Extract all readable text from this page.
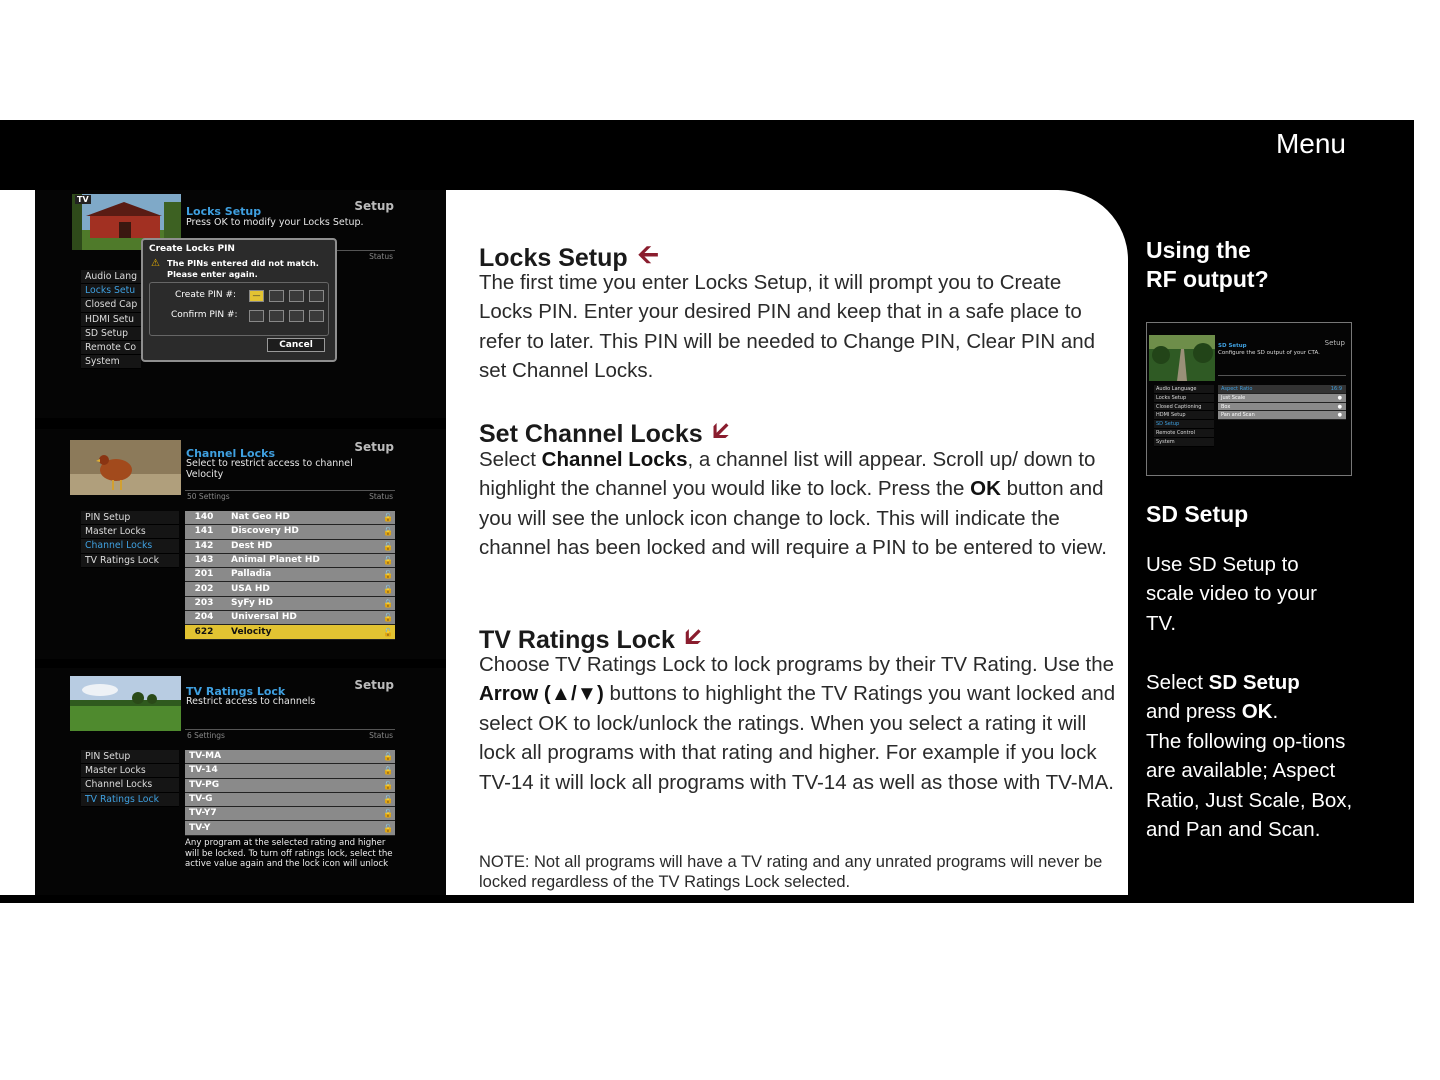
Menu
TV
Locks Setup
Press OK to modify your Locks Setup.
Setup
Status
Audio Lang
Locks Setu
Closed Cap
HDMI Setu
SD Setup
Remote Co
System
Create Locks PIN
⚠ The PINs entered did not match. Please enter again.
Create PIN #:
Confirm PIN #:
—
Cancel
Channel Locks
Select to restrict access to channel Velocity
Setup
50 Settings	Status
PIN Setup
Master Locks
Channel Locks
TV Ratings Lock
140	Nat Geo HD	🔓
141	Discovery HD	🔓
142	Dest HD	🔓
143	Animal Planet HD	🔓
201	Palladia	🔓
202	USA HD	🔓
203	SyFy HD	🔒
204	Universal HD	🔓
622	Velocity	🔓
TV Ratings Lock
Restrict access to channels
Setup
6 Settings	Status
PIN Setup
Master Locks
Channel Locks
TV Ratings Lock
TV-MA	🔒
TV-14	🔒
TV-PG	🔓
TV-G	🔓
TV-Y7	🔓
TV-Y	🔓
Any program at the selected rating and higher will be locked. To turn off ratings lock, select the active value again and the lock icon will unlock
Locks Setup 🡨
The first time you enter Locks Setup, it will prompt you to Create Locks PIN. Enter your desired PIN and keep that in a safe place to refer to later. This PIN will be needed to Change PIN, Clear PIN and set Channel Locks.
Set Channel Locks 🡯
Select Channel Locks, a channel list will appear. Scroll up/ down to highlight the channel you would like to lock. Press the OK button and you will see the unlock icon change to lock. This will indicate the channel has been locked and will require a PIN to be entered to view.
TV Ratings Lock 🡯
Choose TV Ratings Lock to lock programs by their TV Rating. Use the Arrow (▲/▼) buttons to highlight the TV Ratings you want locked and select OK to lock/unlock the ratings. When you select a rating it will lock all programs with that rating and higher. For example if you lock TV-14 it will lock all programs with TV-14 as well as those with TV-MA.
NOTE: Not all programs will have a TV rating and any unrated programs will never be locked regardless of the TV Ratings Lock selected.
Using the
RF output?
SD Setup
Configure the SD output of your CTA.
Setup
Audio Language
Locks Setup
Closed Captioning
HDMI Setup
SD Setup
Remote Control
System
Aspect Ratio	16:9
Just Scale	●
Box	●
Pan and Scan	●
SD Setup
Use SD Setup to scale video to your TV.
Select SD Setup
and press OK.
The following op-tions are available; Aspect Ratio, Just Scale, Box, and Pan and Scan.
